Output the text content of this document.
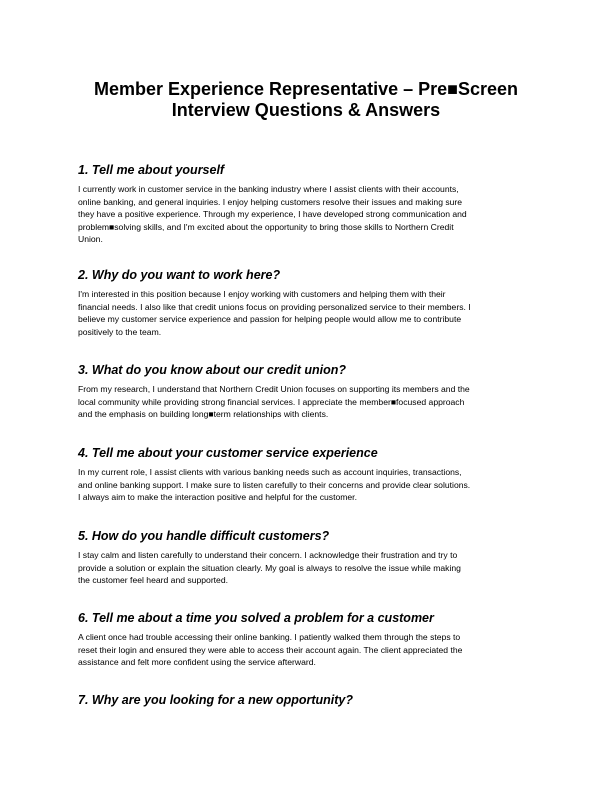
Member Experience Representative – Pre■Screen
Interview Questions & Answers
1. Tell me about yourself

I currently work in customer service in the banking industry where I assist clients with their accounts,
online banking, and general inquiries. I enjoy helping customers resolve their issues and making sure
they have a positive experience. Through my experience, I have developed strong communication and
problem■solving skills, and I'm excited about the opportunity to bring those skills to Northern Credit
Union.

2. Why do you want to work here?

I'm interested in this position because I enjoy working with customers and helping them with their
financial needs. I also like that credit unions focus on providing personalized service to their members. I
believe my customer service experience and passion for helping people would allow me to contribute
positively to the team.

3. What do you know about our credit union?

From my research, I understand that Northern Credit Union focuses on supporting its members and the
local community while providing strong financial services. I appreciate the member■focused approach
and the emphasis on building long■term relationships with clients.

4. Tell me about your customer service experience

In my current role, I assist clients with various banking needs such as account inquiries, transactions,
and online banking support. I make sure to listen carefully to their concerns and provide clear solutions.
I always aim to make the interaction positive and helpful for the customer.

5. How do you handle difficult customers?

I stay calm and listen carefully to understand their concern. I acknowledge their frustration and try to
provide a solution or explain the situation clearly. My goal is always to resolve the issue while making
the customer feel heard and supported.

6. Tell me about a time you solved a problem for a customer

A client once had trouble accessing their online banking. I patiently walked them through the steps to
reset their login and ensured they were able to access their account again. The client appreciated the
assistance and felt more confident using the service afterward.

7. Why are you looking for a new opportunity?
